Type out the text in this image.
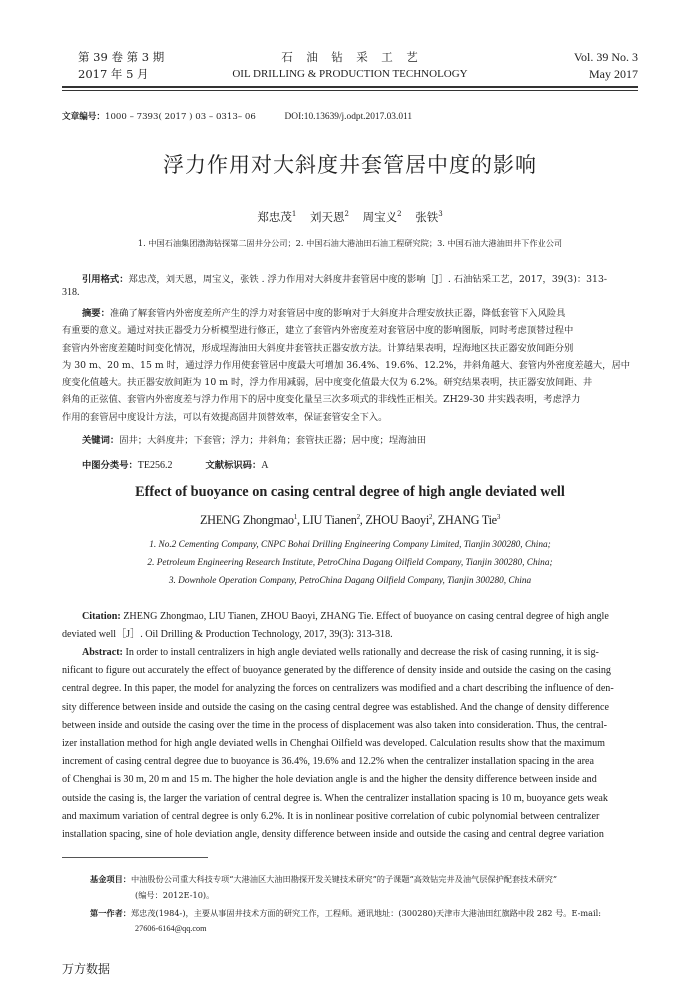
第 39 卷 第 3 期
2017 年 5 月
石　油　钻　采　工　艺
OIL DRILLING & PRODUCTION TECHNOLOGY
Vol. 39 No. 3
May 2017
文章编号：1000 – 7393( 2017 ) 03 – 0313– 06	DOI:10.13639/j.odpt.2017.03.011
浮力作用对大斜度井套管居中度的影响
郑忠茂$^1$ 刘天恩$^2$ 周宝义$^2$ 张铁$^3$
1. 中国石油集团渤海钻探第二固井分公司；2. 中国石油大港油田石油工程研究院；3. 中国石油大港油田井下作业公司
引用格式：郑忠茂，刘天恩，周宝义，张铁 . 浮力作用对大斜度井套管居中度的影响［J］. 石油钻采工艺，2017，39(3)：313-
318.
摘要：准确了解套管内外密度差所产生的浮力对套管居中度的影响对于大斜度井合理安放扶正器，降低套管下入风险具
有重要的意义。通过对扶正器受力分析模型进行修正，建立了套管内外密度差对套管居中度的影响图版，同时考虑顶替过程中
套管内外密度差随时间变化情况，形成埕海油田大斜度井套管扶正器安放方法。计算结果表明，埕海地区扶正器安放间距分别
为 30 m、20 m、15 m 时，通过浮力作用使套管居中度最大可增加 36.4%、19.6%、12.2%，井斜角越大、套管内外密度差越大，居中
度变化值越大。扶正器安放间距为 10 m 时，浮力作用减弱，居中度变化值最大仅为 6.2%。研究结果表明，扶正器安放间距、井
斜角的正弦值、套管内外密度差与浮力作用下的居中度变化量呈三次多项式的非线性正相关。ZH29-30 井实践表明，考虑浮力
作用的套管居中度设计方法，可以有效提高固井顶替效率，保证套管安全下入。
关键词：固井；大斜度井；下套管；浮力；井斜角；套管扶正器；居中度；埕海油田
中图分类号：TE256.2	文献标识码：A
Effect of buoyance on casing central degree of high angle deviated well
ZHENG Zhongmao$^1$, LIU Tianen$^2$, ZHOU Baoyi$^2$, ZHANG Tie$^3$
1. No.2 Cementing Company, CNPC Bohai Drilling Engineering Company Limited, Tianjin 300280, China;
2. Petroleum Engineering Research Institute, PetroChina Dagang Oilfield Company, Tianjin 300280, China;
3. Downhole Operation Company, PetroChina Dagang Oilfield Company, Tianjin 300280, China
Citation: ZHENG Zhongmao, LIU Tianen, ZHOU Baoyi, ZHANG Tie. Effect of buoyance on casing central degree of high angle
deviated well［J］. Oil Drilling & Production Technology, 2017, 39(3): 313-318.
Abstract: In order to install centralizers in high angle deviated wells rationally and decrease the risk of casing running, it is sig-
nificant to figure out accurately the effect of buoyance generated by the difference of density inside and outside the casing on the casing
central degree. In this paper, the model for analyzing the forces on centralizers was modified and a chart describing the influence of den-
sity difference between inside and outside the casing on the casing central degree was established. And the change of density difference
between inside and outside the casing over the time in the process of displacement was also taken into consideration. Thus, the central-
izer installation method for high angle deviated wells in Chenghai Oilfield was developed. Calculation results show that the maximum
increment of casing central degree due to buoyance is 36.4%, 19.6% and 12.2% when the centralizer installation spacing in the area
of Chenghai is 30 m, 20 m and 15 m. The higher the hole deviation angle is and the higher the density difference between inside and
outside the casing is, the larger the variation of central degree is. When the centralizer installation spacing is 10 m, buoyance gets weak
and maximum variation of central degree is only 6.2%. It is in nonlinear positive correlation of cubic polynomial between centralizer
installation spacing, sine of hole deviation angle, density difference between inside and outside the casing and central degree variation
基金项目：中油股份公司重大科技专项“大港油区大油田勘探开发关键技术研究”的子课题“高效钻完井及油气层保护配套技术研究”
(编号：2012E-10)。
第一作者：郑忠茂(1984-)，主要从事固井技术方面的研究工作，工程师。通讯地址：(300280)天津市大港油田红旗路中段 282 号。E-mail:
27606-6164@qq.com
万方数据
